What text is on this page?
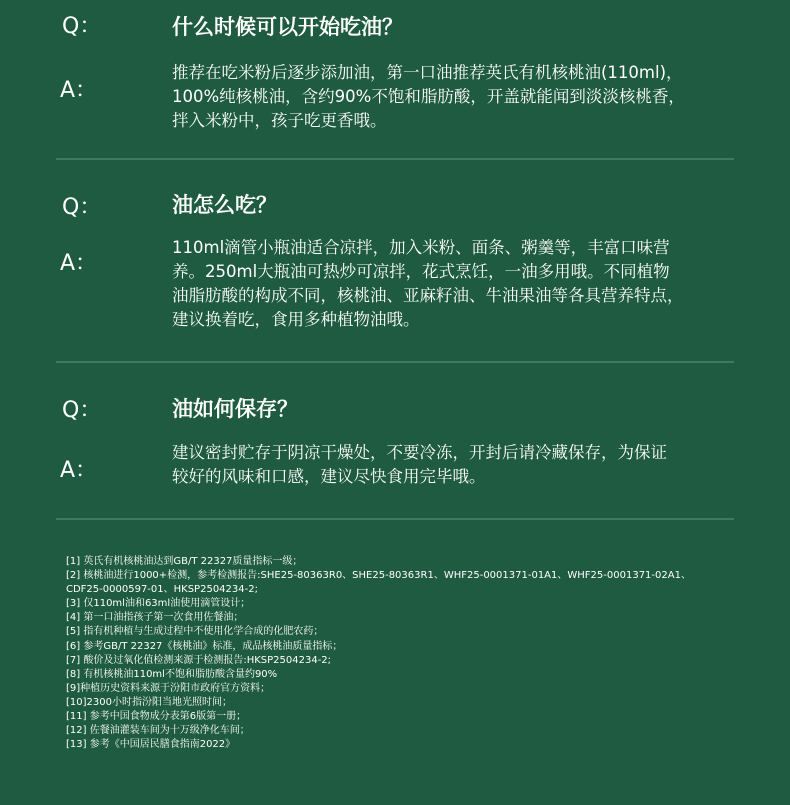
Q：	什么时候可以开始吃油？
A：
推荐在吃米粉后逐步添加油，第一口油推荐英氏有机核桃油(110ml)，
100%纯核桃油，含约90%不饱和脂肪酸，开盖就能闻到淡淡核桃香，
拌入米粉中，孩子吃更香哦。
Q：	油怎么吃？
A：
110ml滴管小瓶油适合凉拌，加入米粉、面条、粥羹等，丰富口味营
养。250ml大瓶油可热炒可凉拌，花式烹饪，一油多用哦。不同植物
油脂肪酸的构成不同，核桃油、亚麻籽油、牛油果油等各具营养特点，
建议换着吃，食用多种植物油哦。
Q：	油如何保存？
A：
建议密封贮存于阴凉干燥处，不要冷冻，开封后请冷藏保存，为保证
较好的风味和口感，建议尽快食用完毕哦。
[1] 英氏有机核桃油达到GB/T 22327质量指标一级；
[2] 核桃油进行1000+检测，参考检测报告:SHE25-80363R0、SHE25-80363R1、WHF25-0001371-01A1、WHF25-0001371-02A1、
CDF25-0000597-01、HKSP2504234-2;
[3] 仅110ml油和63ml油使用滴管设计；
[4] 第一口油指孩子第一次食用佐餐油；
[5] 指有机种植与生成过程中不使用化学合成的化肥农药；
[6] 参考GB/T 22327《核桃油》标准，成品核桃油质量指标；
[7] 酸价及过氧化值检测来源于检测报告:HKSP2504234-2;
[8] 有机核桃油110ml不饱和脂肪酸含量约90%
[9]种植历史资料来源于汾阳市政府官方资料；
[10]2300小时指汾阳当地光照时间；
[11] 参考中国食物成分表第6版第一册；
[12] 佐餐油灌装车间为十万级净化车间；
[13] 参考《中国居民膳食指南2022》
